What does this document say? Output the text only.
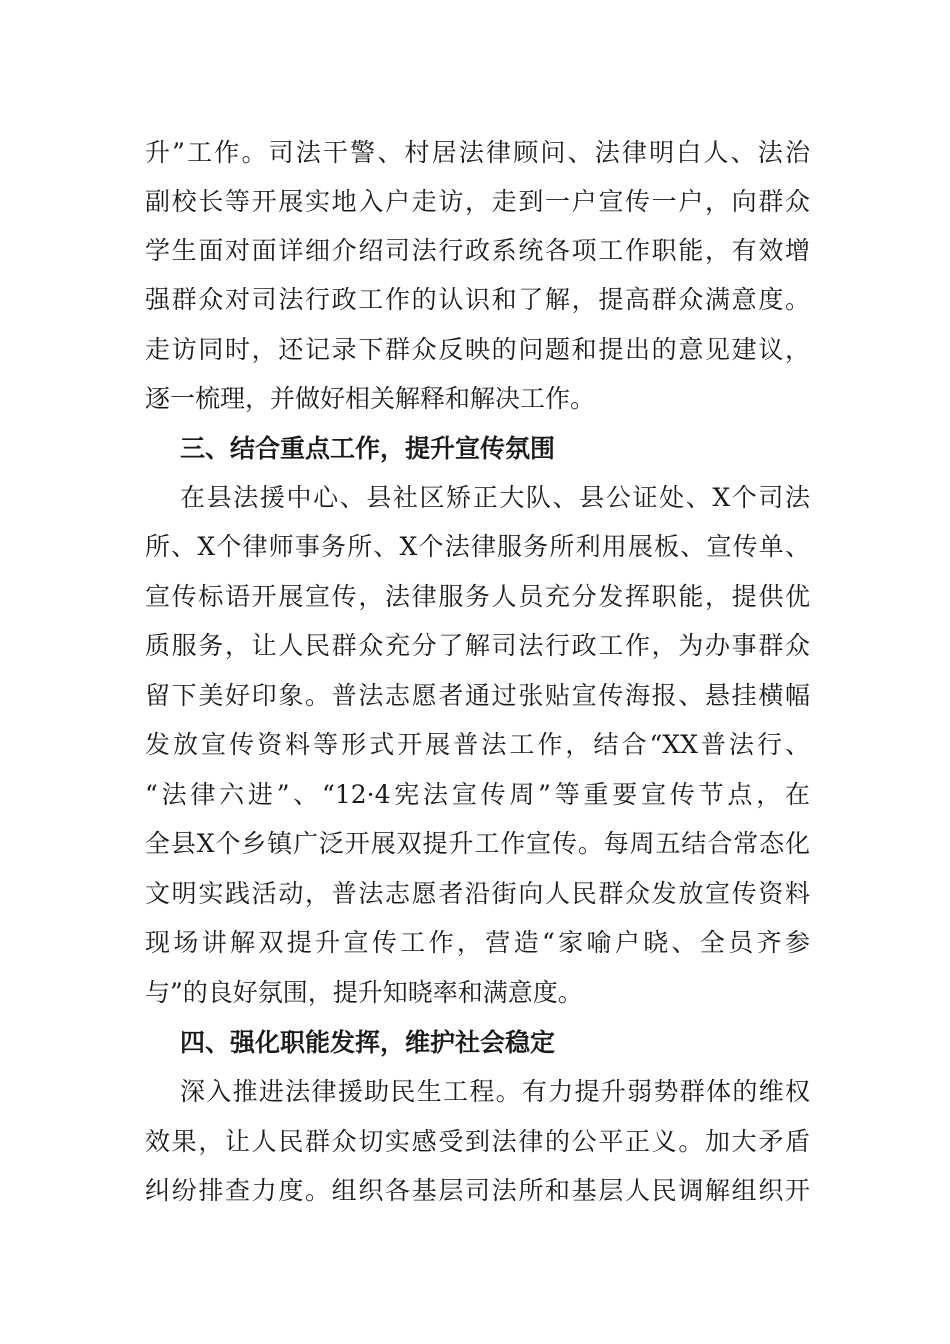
升”工作。司法干警、村居法律顾问、法律明白人、法治
副校长等开展实地入户走访，走到一户宣传一户，向群众
学生面对面详细介绍司法行政系统各项工作职能，有效增
强群众对司法行政工作的认识和了解，提高群众满意度。
走访同时，还记录下群众反映的问题和提出的意见建议，
逐一梳理，并做好相关解释和解决工作。
三、结合重点工作，提升宣传氛围
在县法援中心、县社区矫正大队、县公证处、X个司法
所、X个律师事务所、X个法律服务所利用展板、宣传单、
宣传标语开展宣传，法律服务人员充分发挥职能，提供优
质服务，让人民群众充分了解司法行政工作，为办事群众
留下美好印象。普法志愿者通过张贴宣传海报、悬挂横幅
发放宣传资料等形式开展普法工作，结合“XX普法行、
“法律六进”、“12·4宪法宣传周”等重要宣传节点，在
全县X个乡镇广泛开展双提升工作宣传。每周五结合常态化
文明实践活动，普法志愿者沿街向人民群众发放宣传资料
现场讲解双提升宣传工作，营造“家喻户晓、全员齐参
与”的良好氛围，提升知晓率和满意度。
四、强化职能发挥，维护社会稳定
深入推进法律援助民生工程。有力提升弱势群体的维权
效果，让人民群众切实感受到法律的公平正义。加大矛盾
纠纷排查力度。组织各基层司法所和基层人民调解组织开
